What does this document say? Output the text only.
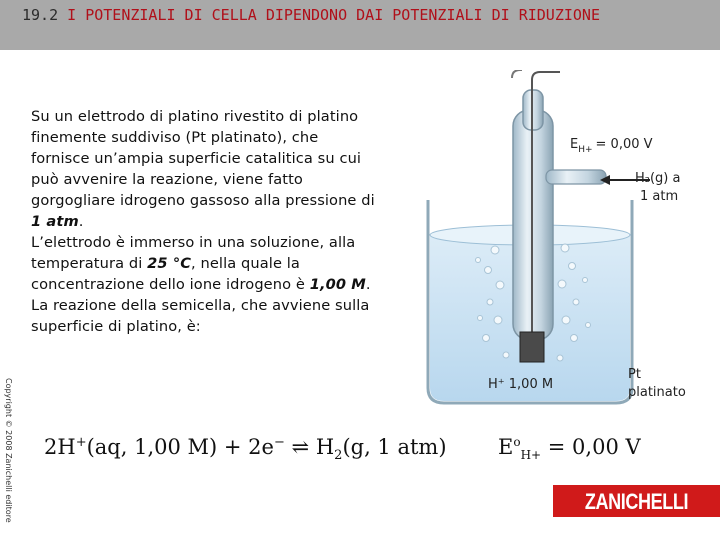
19.2 I POTENZIALI DI CELLA DIPENDONO DAI POTENZIALI DI RIDUZIONE
Su un elettrodo di platino rivestito di platino finemente suddiviso (Pt platinato), che fornisce un’ampia superficie catalitica su cui può avvenire la reazione, viene fatto gorgogliare idrogeno gassoso alla pressione di 1 atm.
L’elettrodo è immerso in una soluzione, alla temperatura di 25 °C, nella quale la concentrazione dello ione idrogeno è 1,00 M. La reazione della semicella, che avviene sulla superficie di platino, è:
Copyright © 2008 Zanichelli editore
$E_{H+} = 0,00$ V
H₂(g) a
1 atm
H⁺ 1,00 M
Pt
platinato
2H+(aq, 1,00 M) + 2e− ⇌ $H_2(g$, 1 atm) $E^o_{H+} = 0,00$ V
ZANICHELLI
